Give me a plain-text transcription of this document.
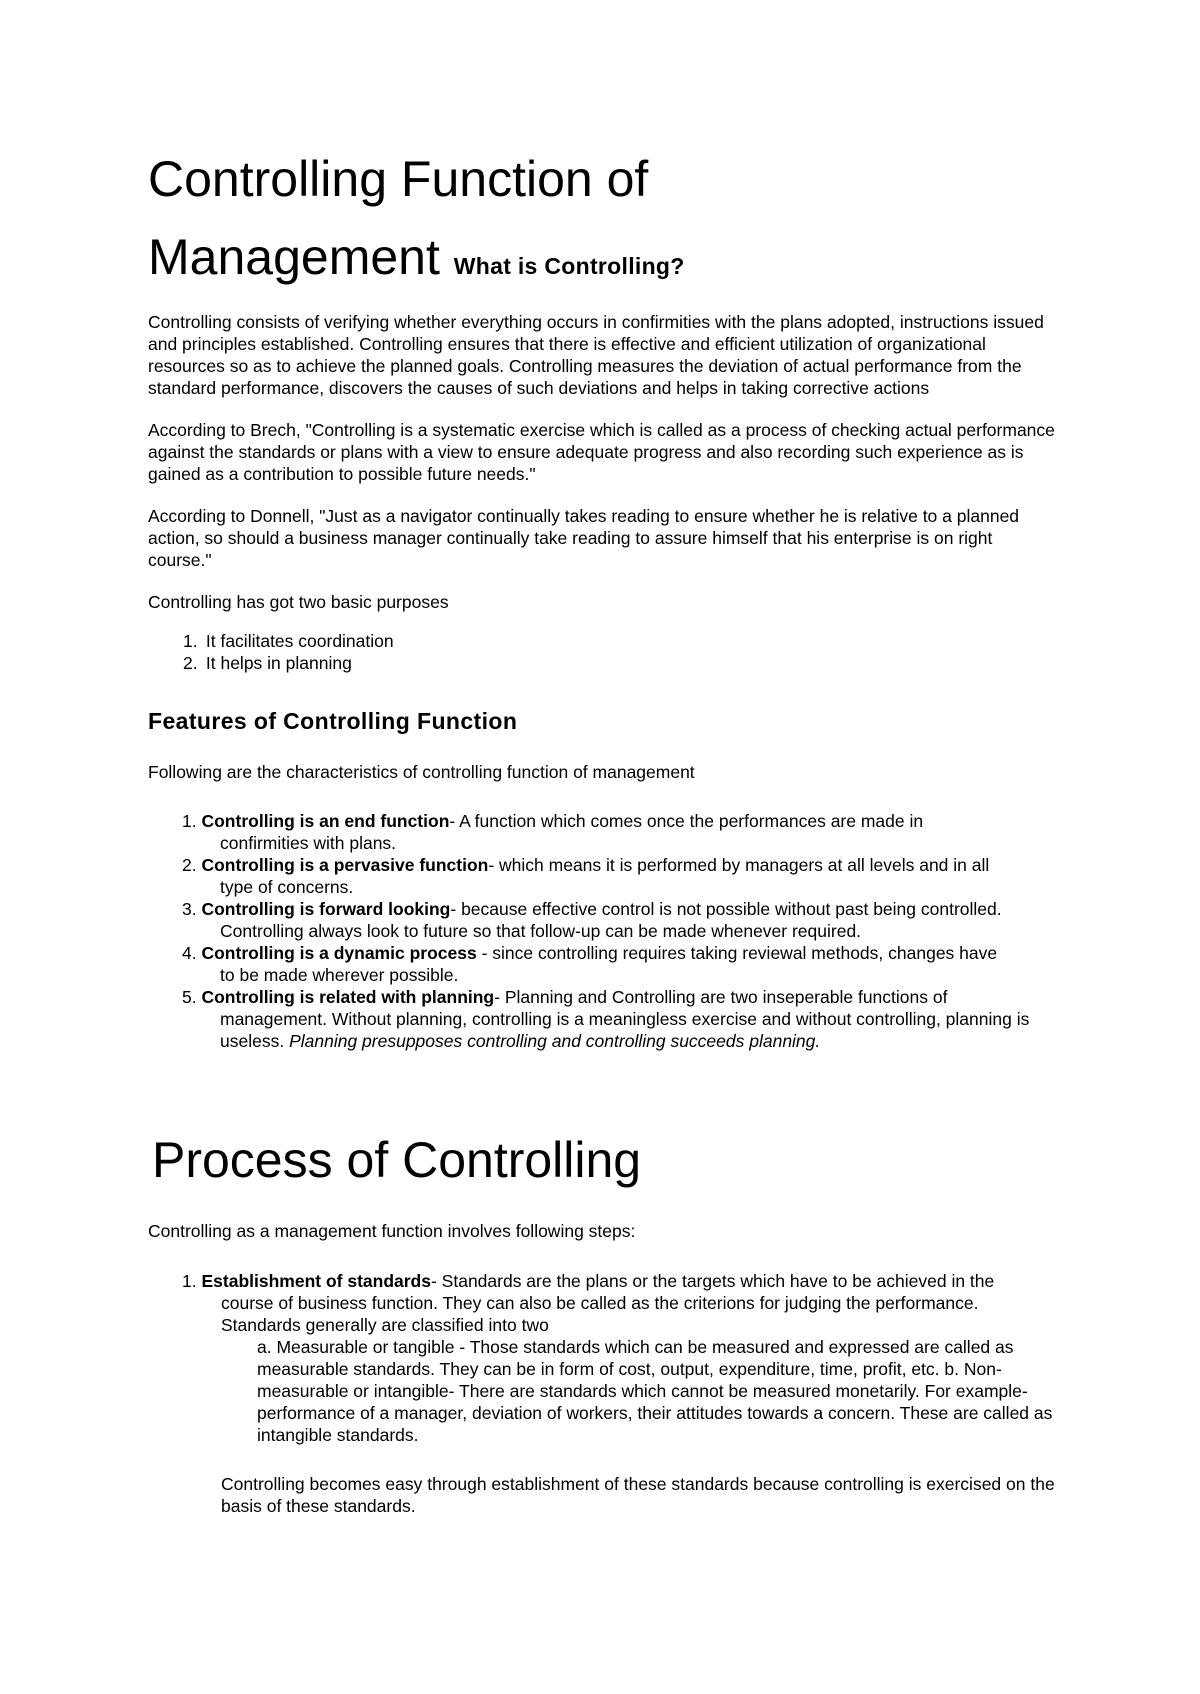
Controlling Function of Management What is Controlling?

Controlling consists of verifying whether everything occurs in confirmities with the plans adopted, instructions issued and principles established. Controlling ensures that there is effective and efficient utilization of organizational resources so as to achieve the planned goals. Controlling measures the deviation of actual performance from the standard performance, discovers the causes of such deviations and helps in taking corrective actions

According to Brech, "Controlling is a systematic exercise which is called as a process of checking actual performance against the standards or plans with a view to ensure adequate progress and also recording such experience as is gained as a contribution to possible future needs."

According to Donnell, "Just as a navigator continually takes reading to ensure whether he is relative to a planned action, so should a business manager continually take reading to assure himself that his enterprise is on right course."

Controlling has got two basic purposes

1. It facilitates coordination
2. It helps in planning
Features of Controlling Function

Following are the characteristics of controlling function of management

1. Controlling is an end function- A function which comes once the performances are made in
confirmities with plans.
2. Controlling is a pervasive function- which means it is performed by managers at all levels and in all
type of concerns.
3. Controlling is forward looking- because effective control is not possible without past being controlled.
Controlling always look to future so that follow-up can be made whenever required.
4. Controlling is a dynamic process - since controlling requires taking reviewal methods, changes have
to be made wherever possible.
5. Controlling is related with planning- Planning and Controlling are two inseperable functions of
management. Without planning, controlling is a meaningless exercise and without controlling, planning is useless. Planning presupposes controlling and controlling succeeds planning.
Process of Controlling

Controlling as a management function involves following steps:

1. Establishment of standards- Standards are the plans or the targets which have to be achieved in the
course of business function. They can also be called as the criterions for judging the performance. Standards generally are classified into two
a. Measurable or tangible - Those standards which can be measured and expressed are called as measurable standards. They can be in form of cost, output, expenditure, time, profit, etc. b. Non-measurable or intangible- There are standards which cannot be measured monetarily. For example- performance of a manager, deviation of workers, their attitudes towards a concern. These are called as intangible standards.
Controlling becomes easy through establishment of these standards because controlling is exercised on the basis of these standards.
